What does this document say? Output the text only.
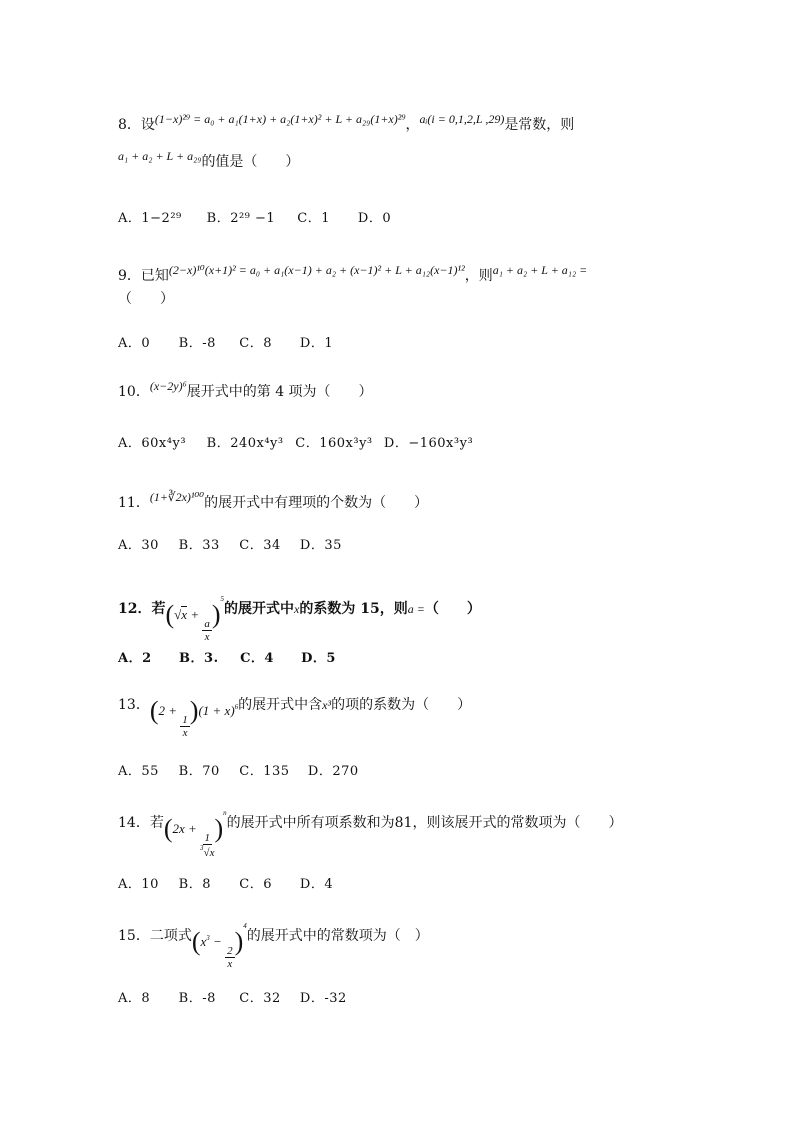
8．设(1−x)²⁹ = a₀ + a₁(1+x) + a₂(1+x)² + L + a₂₉(1+x)²⁹，aᵢ(i = 0,1,2,L ,29)是常数，则
a₁ + a₂ + L + a₂₉的值是（　　）
A．1−2²⁹ B．2²⁹ −1 C．1 D．0
9．已知(2−x)¹⁰(x+1)² = a₀ + a₁(x−1) + a₂ + (x−1)² + L + a₁₂(x−1)¹²，则a₁ + a₂ + L + a₁₂ =
（　　）
A．0 B．-8 C．8 D．1
10．(x−2y)⁶展开式中的第 4 项为（　　）
A．60x⁴y³ B．240x⁴y³ C．160x³y³ D．−160x³y³
11．(1+∛2x)¹⁰⁰的展开式中有理项的个数为（　　）
A．30 B．33 C．34 D．35
12．若(√x +
$\frac{a}{x}$
)$^5$的展开式中x的系数为 15，则a =（　　）
A．2 B．3. C．4 D．5
13．(2 +
$\frac{1}{x}$
)$(1 + x)^6$的展开式中含x³的项的系数为（　　）
A．55 B．70 C．135 D．270
14．若(2x +
$\frac{1}{^3√x}$
)$^n$的展开式中所有项系数和为81，则该展开式的常数项为（　　）
A．10 B．8 C．6 D．4
15．二项式($x^3$ −
$\frac{2}{x}$
)$^4$的展开式中的常数项为（　）
A．8 B．-8 C．32 D．-32
